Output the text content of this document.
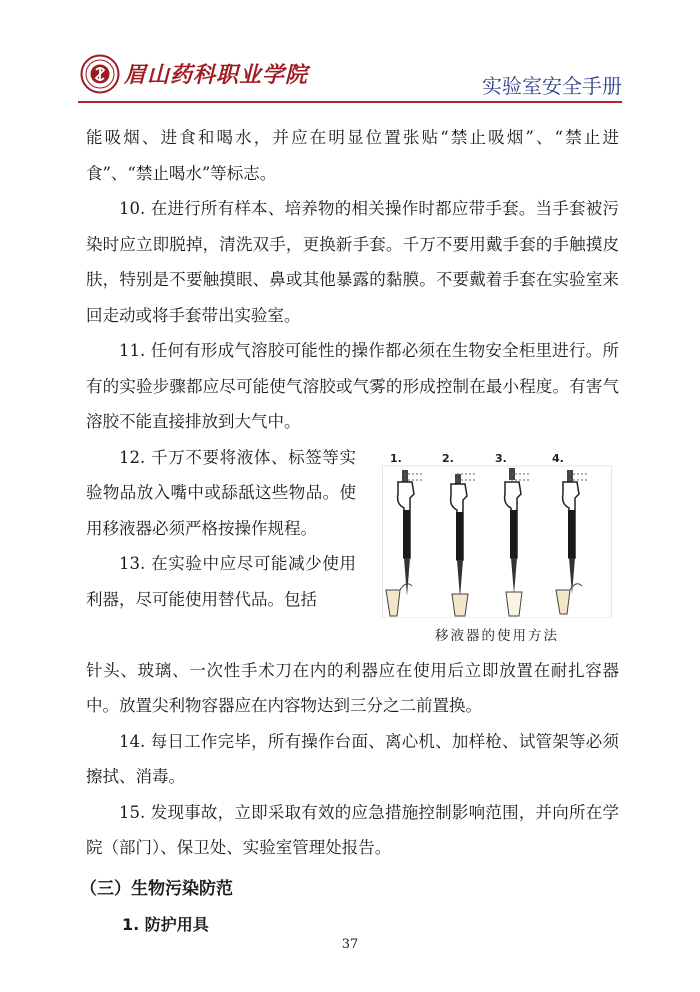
眉山药科职业学院	实验室安全手册

能吸烟、进食和喝水，并应在明显位置张贴“禁止吸烟”、“禁止进食”、“禁止喝水”等标志。

10. 在进行所有样本、培养物的相关操作时都应带手套。当手套被污染时应立即脱掉，清洗双手，更换新手套。千万不要用戴手套的手触摸皮肤，特别是不要触摸眼、鼻或其他暴露的黏膜。不要戴着手套在实验室来回走动或将手套带出实验室。

11. 任何有形成气溶胶可能性的操作都必须在生物安全柜里进行。所有的实验步骤都应尽可能使气溶胶或气雾的形成控制在最小程度。有害气溶胶不能直接排放到大气中。

12. 千万不要将液体、标签等实验物品放入嘴中或舔舐这些物品。使用移液器必须严格按操作规程。

13. 在实验中应尽可能减少使用利器，尽可能使用替代品。包括

1.	2.	3.	4.
移液器的使用方法

针头、玻璃、一次性手术刀在内的利器应在使用后立即放置在耐扎容器中。放置尖利物容器应在内容物达到三分之二前置换。

14. 每日工作完毕，所有操作台面、离心机、加样枪、试管架等必须擦拭、消毒。

15. 发现事故，立即采取有效的应急措施控制影响范围，并向所在学院（部门）、保卫处、实验室管理处报告。

（三）生物污染防范
1. 防护用具
37
